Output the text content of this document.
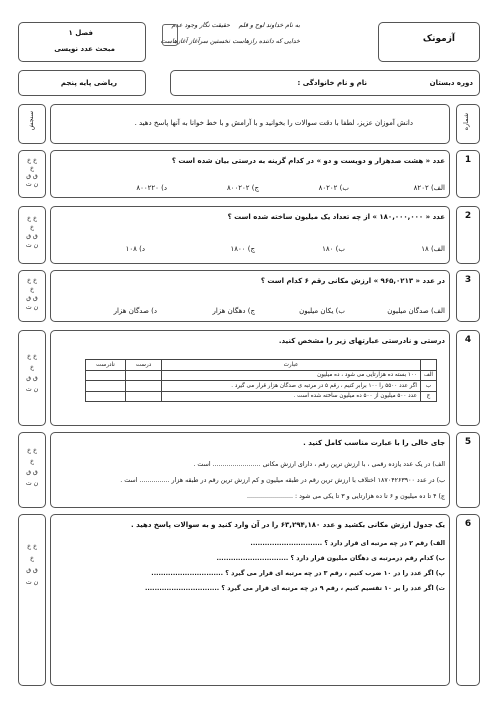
آزمونک
به نام خداوند لوح و قلم
حقیقت نگار وجود عدم
خدایی که داننده رازهاست
نخستین سرآغاز آغازهاست
فصل ۱
مبحث عدد نویسی
دوره دبستان
نام و نام خانوادگی :
ریاضی پایه پنجم
شماره
دانش آموزان عزیز، لطفا با دقت سوالات را بخوانید و با آرامش و با خط خوانا به آنها پاسخ دهید .
سنجش
1
عدد « هشت صدهزار و دویست و دو » در کدام گزینه به درستی بیان شده است ؟
الف) ۸۲۰۲
ب) ۸۰۲۰۲
ج) ۸۰۰۲۰۲
د) ۸۰۰۲۲۰
خ خ
خ
ق ق
ن ت
2
عدد « ۱۸۰,۰۰۰,۰۰۰ » از چه تعداد یک میلیون ساخته شده است ؟
الف) ۱۸
ب) ۱۸۰
ج) ۱۸۰۰
د) ۱۰۸
خ خ
خ
ق ق
ن ت
3
در عدد « ۹۶۵,۰۲۱۳ » ارزش مکانی رقم ۶ کدام است ؟
الف) صدگان میلیون
ب) یکان میلیون
ج) دهگان هزار
د) صدگان هزار
خ خ
خ
ق ق
ن ت
4
درستی و نادرستی عبارتهای زیر را مشخص کنید.
	عبارت	درست	نادرست
الف	۱۰۰ بسته ده هزارتایی می شود ، ده میلیون		
ب	اگر عدد ۵۵۰۰ را ۱۰۰ برابر کنیم ، رقم ۵ در مرتبه ی صدگان هزار قرار می گیرد .		
ج	عدد ۵۰۰ میلیون از ۵۰۰ ده میلیون ساخته شده است .		
خ خ
خ
ق ق
ن ت
5
جای خالی را با عبارت مناسب کامل کنید .
الف) در یک عدد یازده رقمی ، با ارزش ترین رقم ، دارای ارزش مکانی ........................ است .
ب) در عدد ۱۸۷۰۴۲۶۳۹۰۰ اختلاف با ارزش ترین رقم در طبقه میلیون و کم ارزش ترین رقم در طبقه هزار ............... است .
ج) ۴ تا ده میلیون و ۶ تا ده هزارتایی و ۳ تا یکی می شود : .......................
خ خ
خ
ق ق
ن ت
6
یک جدول ارزش مکانی بکشید و عدد ۶۳,۲۹۴,۱۸۰ را در آن وارد کنید و به سوالات پاسخ دهید .
الف) رقم ۲ در چه مرتبه ای قرار دارد ؟ ..............................
ب) کدام رقم درمرتبه ی دهگان میلیون قرار دارد ؟ ..............................
پ) اگر عدد را در ۱۰ ضرب کنیم ، رقم ۳ در چه مرتبه ای قرار می گیرد ؟ ..............................
ت) اگر عدد را بر ۱۰ تقسیم کنیم ، رقم ۹ در چه مرتبه ای قرار می گیرد ؟ ...............................
خ خ
خ
ق ق
ن ت
